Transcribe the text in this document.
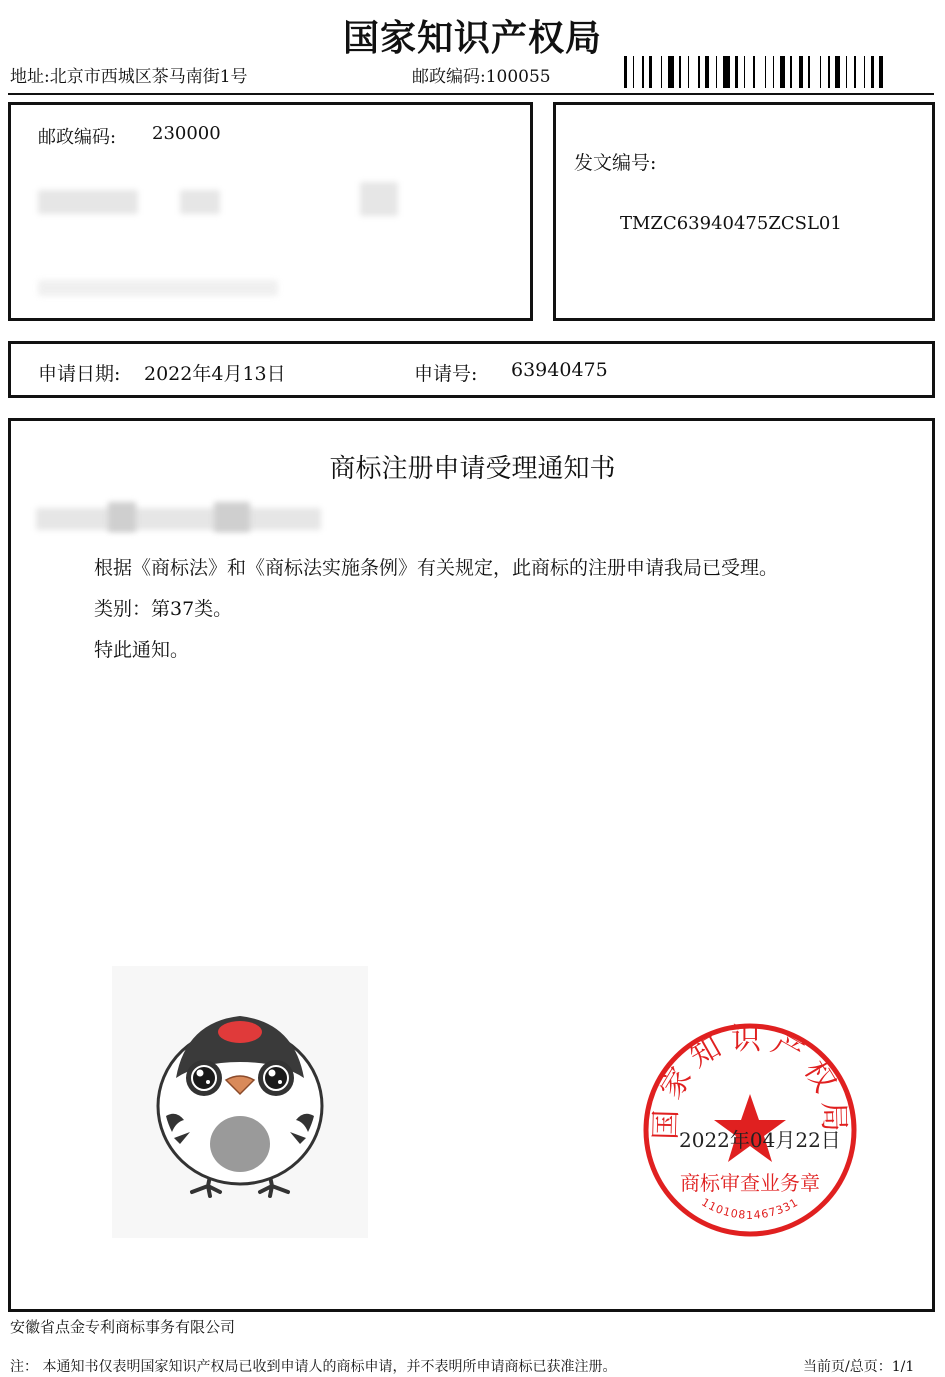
国家知识产权局
地址:北京市西城区茶马南街1号	邮政编码:100055
邮政编码: 230000
发文编号:
TMZC63940475ZCSL01
申请日期: 2022年4月13日	申请号: 63940475
商标注册申请受理通知书
根据《商标法》和《商标法实施条例》有关规定，此商标的注册申请我局已受理。
类别：第37类。
特此通知。
国家知识产权局
商标审查业务章
1101081467331
2022年04月22日
安徽省点金专利商标事务有限公司
注： 本通知书仅表明国家知识产权局已收到申请人的商标申请，并不表明所申请商标已获准注册。	当前页/总页：1/1
